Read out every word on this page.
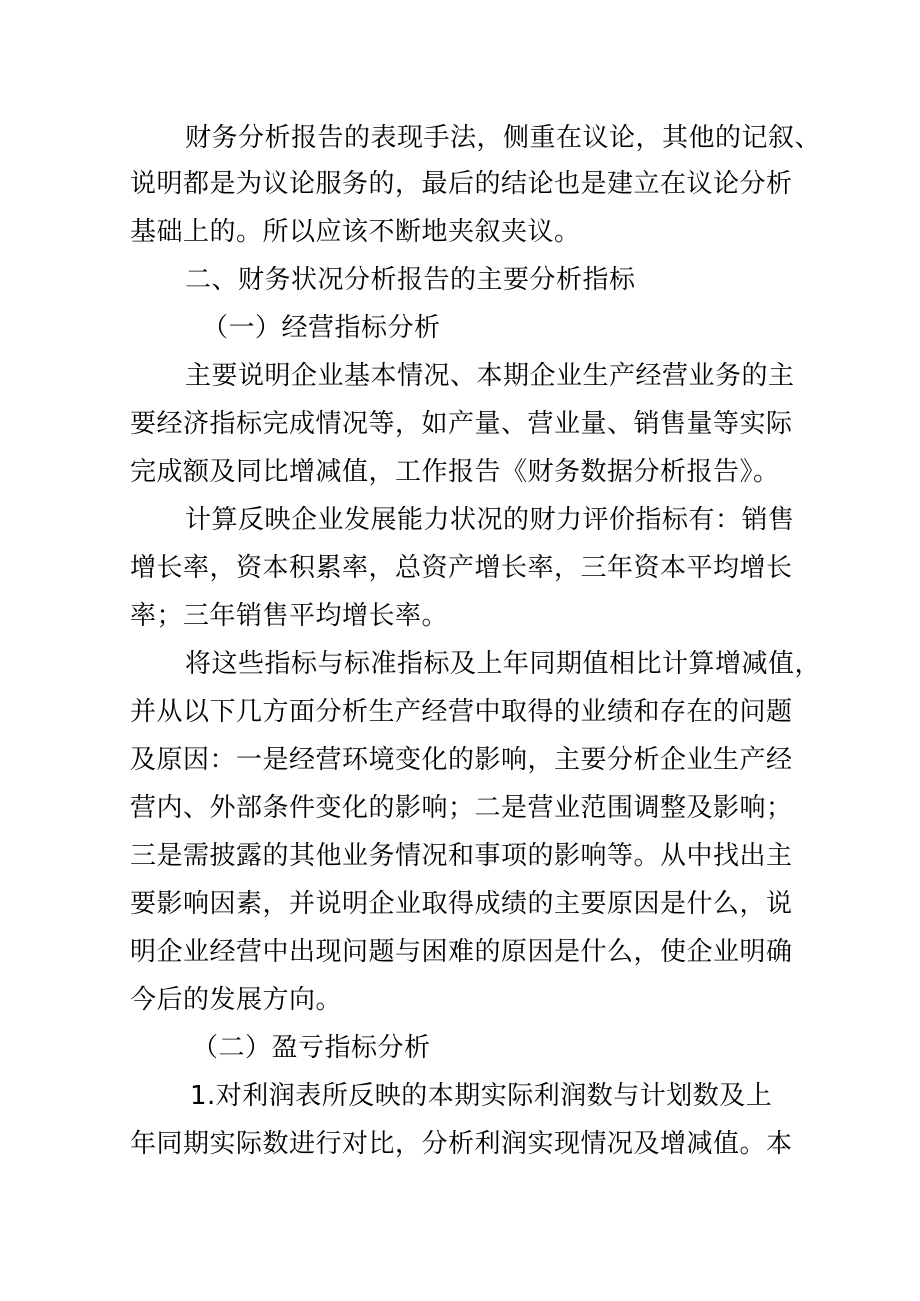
财务分析报告的表现手法，侧重在议论，其他的记叙、
说明都是为议论服务的，最后的结论也是建立在议论分析
基础上的。所以应该不断地夹叙夹议。
二、财务状况分析报告的主要分析指标
（一）经营指标分析
主要说明企业基本情况、本期企业生产经营业务的主
要经济指标完成情况等，如产量、营业量、销售量等实际
完成额及同比增减值，工作报告《财务数据分析报告》。
计算反映企业发展能力状况的财力评价指标有：销售
增长率，资本积累率，总资产增长率，三年资本平均增长
率；三年销售平均增长率。
将这些指标与标准指标及上年同期值相比计算增减值，
并从以下几方面分析生产经营中取得的业绩和存在的问题
及原因：一是经营环境变化的影响，主要分析企业生产经
营内、外部条件变化的影响；二是营业范围调整及影响；
三是需披露的其他业务情况和事项的影响等。从中找出主
要影响因素，并说明企业取得成绩的主要原因是什么，说
明企业经营中出现问题与困难的原因是什么，使企业明确
今后的发展方向。
（二）盈亏指标分析
1.对利润表所反映的本期实际利润数与计划数及上
年同期实际数进行对比，分析利润实现情况及增减值。本
